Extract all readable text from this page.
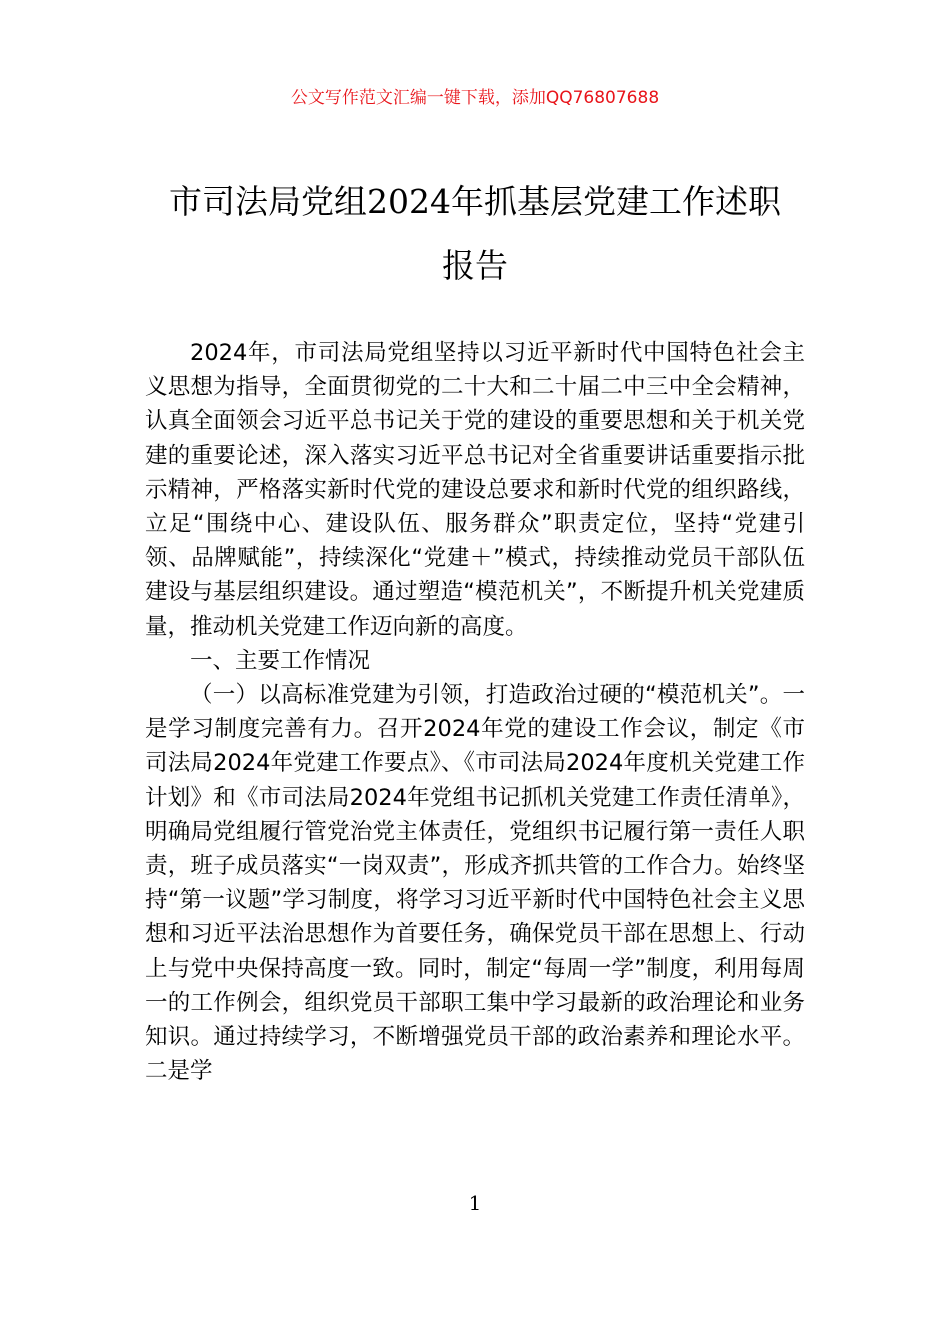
公文写作范文汇编一键下载，添加QQ76807688
市司法局党组2024年抓基层党建工作述职
报告

2024年，市司法局党组坚持以习近平新时代中国特色社会主义思想为指导，全面贯彻党的二十大和二十届二中三中全会精神，认真全面领会习近平总书记关于党的建设的重要思想和关于机关党建的重要论述，深入落实习近平总书记对全省重要讲话重要指示批示精神，严格落实新时代党的建设总要求和新时代党的组织路线，立足“围绕中心、建设队伍、服务群众”职责定位，坚持“党建引领、品牌赋能”，持续深化“党建＋”模式，持续推动党员干部队伍建设与基层组织建设。通过塑造“模范机关”，不断提升机关党建质量，推动机关党建工作迈向新的高度。

一、主要工作情况

（一）以高标准党建为引领，打造政治过硬的“模范机关”。一是学习制度完善有力。召开2024年党的建设工作会议，制定《市司法局2024年党建工作要点》、《市司法局2024年度机关党建工作计划》和《市司法局2024年党组书记抓机关党建工作责任清单》，明确局党组履行管党治党主体责任，党组织书记履行第一责任人职责，班子成员落实“一岗双责”，形成齐抓共管的工作合力。始终坚持“第一议题”学习制度，将学习习近平新时代中国特色社会主义思想和习近平法治思想作为首要任务，确保党员干部在思想上、行动上与党中央保持高度一致。同时，制定“每周一学”制度，利用每周一的工作例会，组织党员干部职工集中学习最新的政治理论和业务知识。通过持续学习，不断增强党员干部的政治素养和理论水平。二是学

1
